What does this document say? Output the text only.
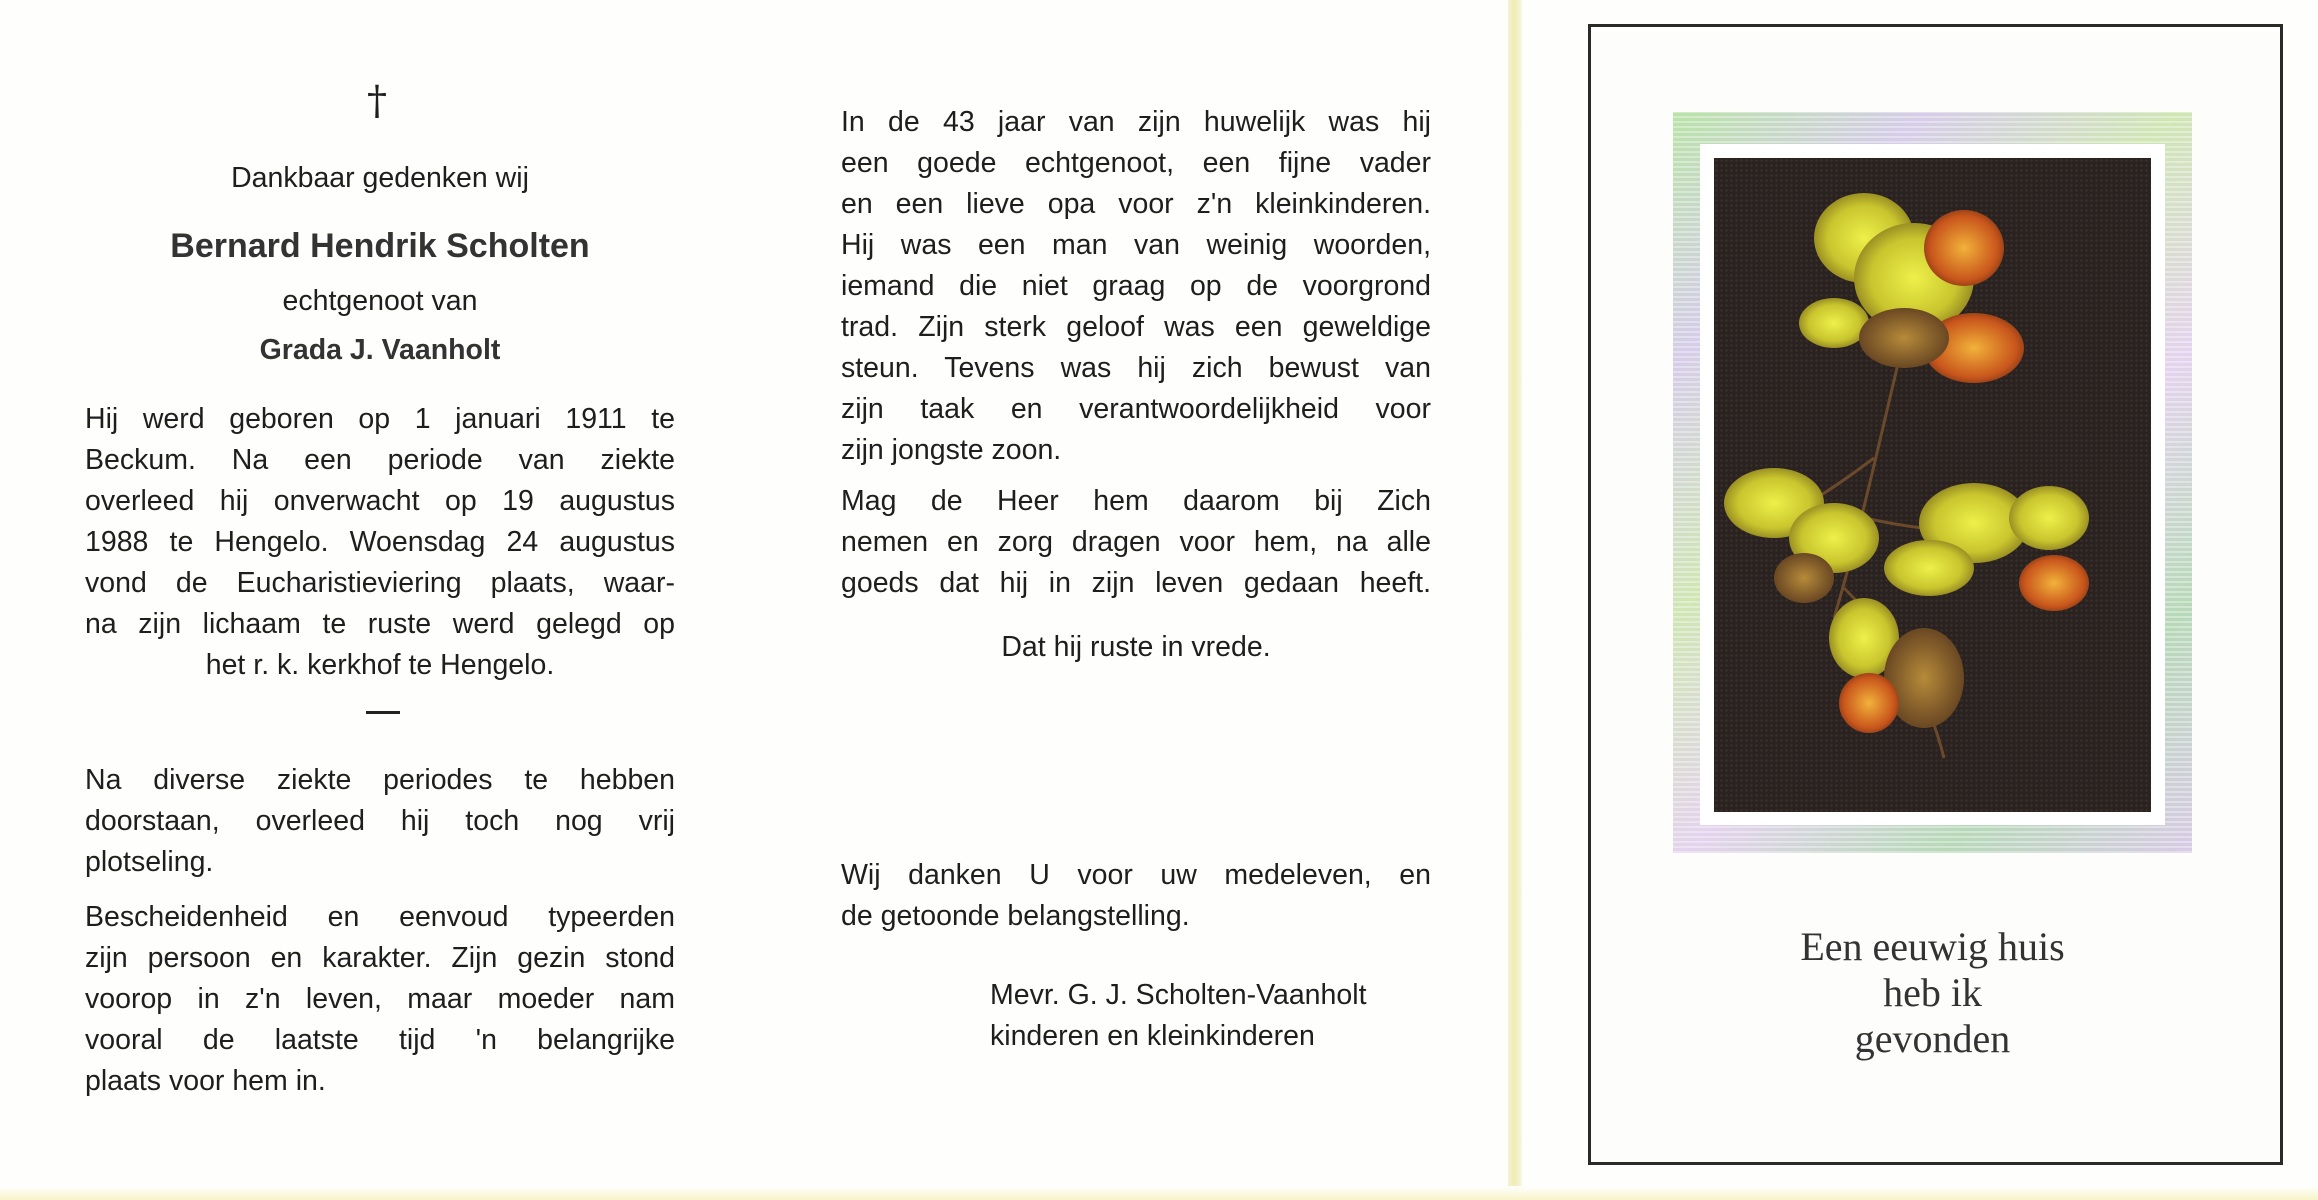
†
Dankbaar gedenken wij
Bernard Hendrik Scholten
echtgenoot van
Grada J. Vaanholt
Hij werd geboren op 1 januari 1911 te
Beckum. Na een periode van ziekte
overleed hij onverwacht op 19 augustus
1988 te Hengelo. Woensdag 24 augustus
vond de Eucharistieviering plaats, waar-
na zijn lichaam te ruste werd gelegd op
het r. k. kerkhof te Hengelo.
Na diverse ziekte periodes te hebben
doorstaan, overleed hij toch nog vrij
plotseling.
Bescheidenheid en eenvoud typeerden
zijn persoon en karakter. Zijn gezin stond
voorop in z'n leven, maar moeder nam
vooral de laatste tijd 'n belangrijke
plaats voor hem in.
In de 43 jaar van zijn huwelijk was hij
een goede echtgenoot, een fijne vader
en een lieve opa voor z'n kleinkinderen.
Hij was een man van weinig woorden,
iemand die niet graag op de voorgrond
trad. Zijn sterk geloof was een geweldige
steun. Tevens was hij zich bewust van
zijn taak en verantwoordelijkheid voor
zijn jongste zoon.
Mag de Heer hem daarom bij Zich
nemen en zorg dragen voor hem, na alle
goeds dat hij in zijn leven gedaan heeft.
Dat hij ruste in vrede.
Wij danken U voor uw medeleven, en
de getoonde belangstelling.
Mevr. G. J. Scholten-Vaanholt
kinderen en kleinkinderen
Een eeuwig huis
heb ik
gevonden
